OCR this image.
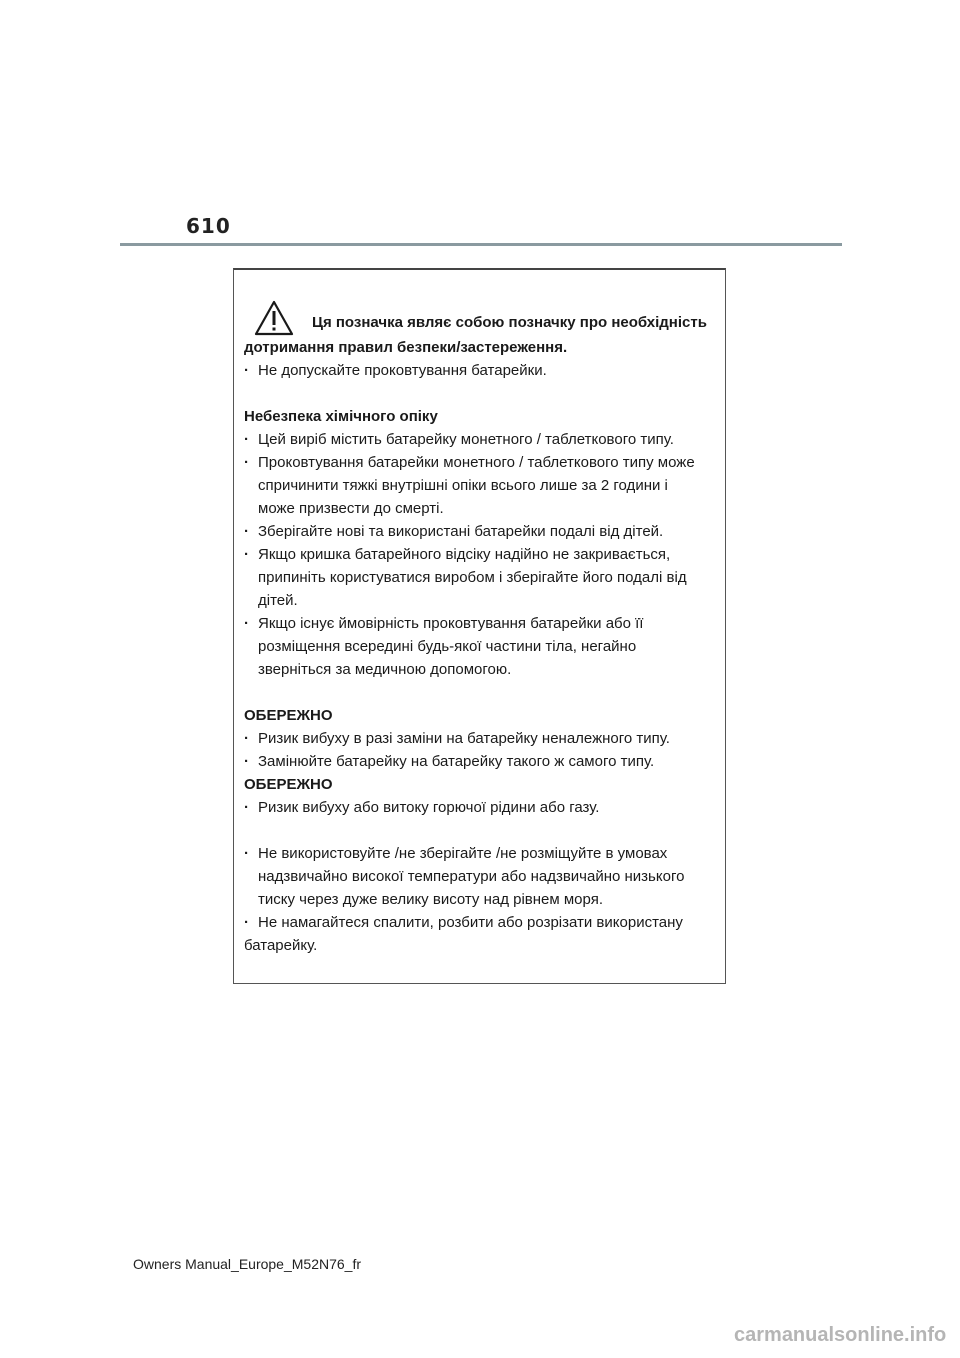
610
Ця позначка являє собою позначку про необхідність
дотримання правил безпеки/застереження.
· Не допускайте проковтування батарейки.
Небезпека хімічного опіку
· Цей виріб містить батарейку монетного / таблеткового типу.
· Проковтування батарейки монетного / таблеткового типу може
спричинити тяжкі внутрішні опіки всього лише за 2 години і
може призвести до смерті.
· Зберігайте нові та використані батарейки подалі від дітей.
· Якщо кришка батарейного відсіку надійно не закривається,
припиніть користуватися виробом і зберігайте його подалі від
дітей.
· Якщо існує ймовірність проковтування батарейки або її
розміщення всередині будь-якої частини тіла, негайно
зверніться за медичною допомогою.
ОБЕРЕЖНО
· Ризик вибуху в разі заміни на батарейку неналежного типу.
· Замінюйте батарейку на батарейку такого ж самого типу.
ОБЕРЕЖНО
· Ризик вибуху або витоку горючої рідини або газу.
· Не використовуйте /не зберігайте /не розміщуйте в умовах
надзвичайно високої температури або надзвичайно низького
тиску через дуже велику висоту над рівнем моря.
· Не намагайтеся спалити, розбити або розрізати використану
батарейку.
Owners Manual_Europe_M52N76_fr
carmanualsonline.info
